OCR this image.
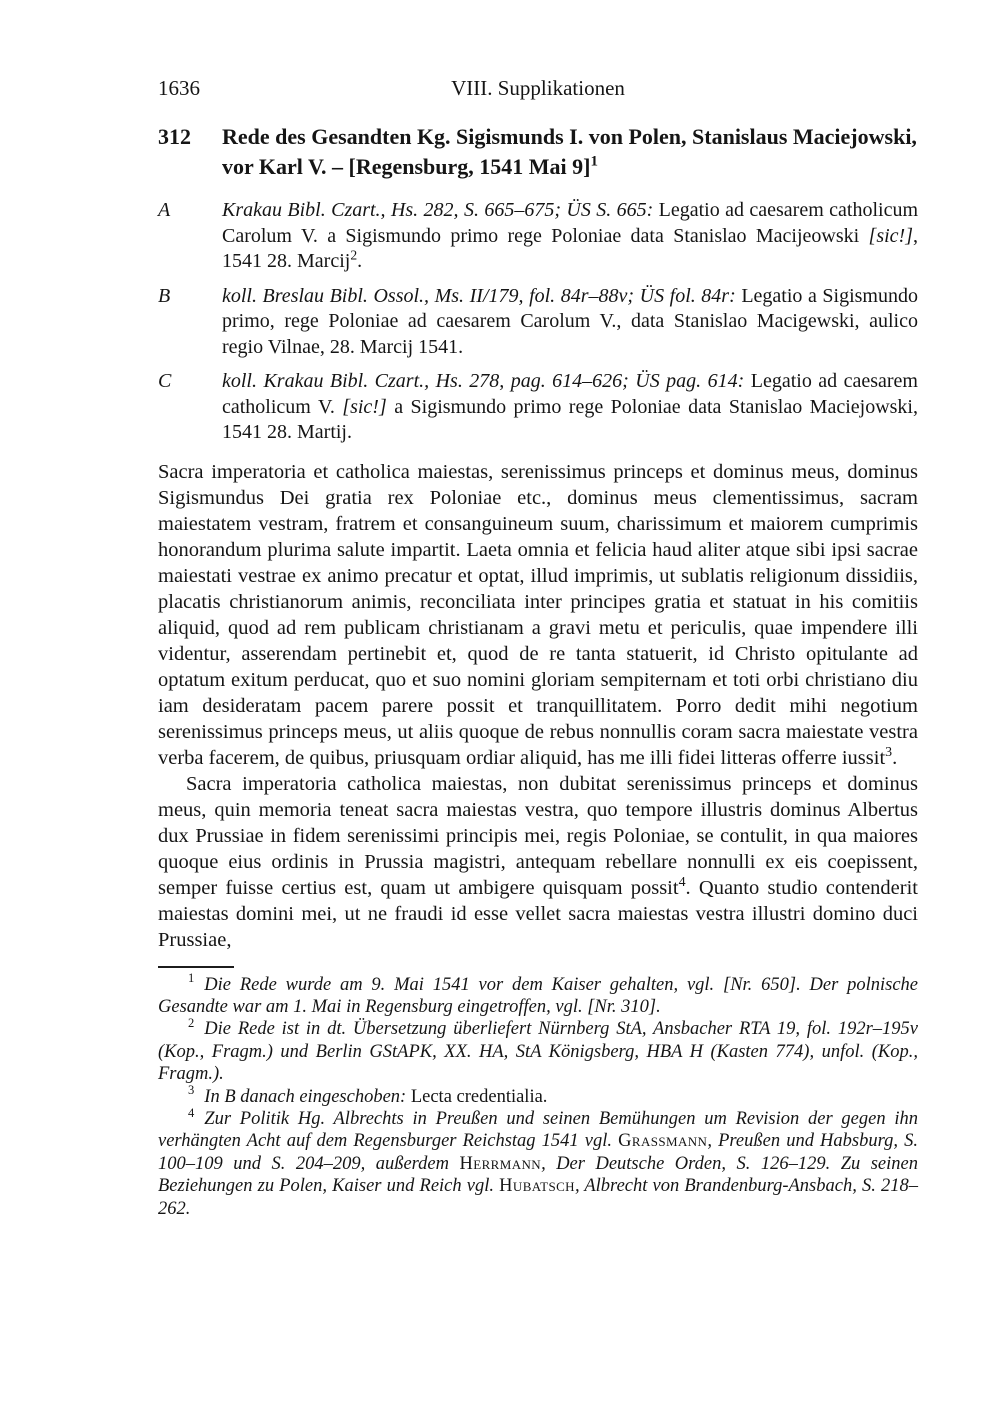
1636	VIII. Supplikationen
312	Rede des Gesandten Kg. Sigismunds I. von Polen, Stanislaus Maciejowski, vor Karl V. – [Regensburg, 1541 Mai 9]$^1$
A	Krakau Bibl. Czart., Hs. 282, S. 665–675; ÜS S. 665: Legatio ad caesarem catholicum Carolum V. a Sigismundo primo rege Poloniae data Stanislao Macijeowski [sic!], 1541 28. Marcij$^2$.
B	koll. Breslau Bibl. Ossol., Ms. II/179, fol. 84r–88v; ÜS fol. 84r: Legatio a Sigismundo primo, rege Poloniae ad caesarem Carolum V., data Stanislao Macigewski, aulico regio Vilnae, 28. Marcij 1541.
C	koll. Krakau Bibl. Czart., Hs. 278, pag. 614–626; ÜS pag. 614: Legatio ad caesarem catholicum V. [sic!] a Sigismundo primo rege Poloniae data Stanislao Maciejowski, 1541 28. Martij.

Sacra imperatoria et catholica maiestas, serenissimus princeps et dominus meus, dominus Sigismundus Dei gratia rex Poloniae etc., dominus meus clementissimus, sacram maiestatem vestram, fratrem et consanguineum suum, charissimum et maiorem cumprimis honorandum plurima salute impartit. Laeta omnia et felicia haud aliter atque sibi ipsi sacrae maiestati vestrae ex animo precatur et optat, illud imprimis, ut sublatis religionum dissidiis, placatis christianorum animis, reconciliata inter principes gratia et statuat in his comitiis aliquid, quod ad rem publicam christianam a gravi metu et periculis, quae impendere illi videntur, asserendam pertinebit et, quod de re tanta statuerit, id Christo opitulante ad optatum exitum perducat, quo et suo nomini gloriam sempiternam et toti orbi christiano diu iam desideratam pacem parere possit et tranquillitatem. Porro dedit mihi negotium serenissimus princeps meus, ut aliis quoque de rebus nonnullis coram sacra maiestate vestra verba facerem, de quibus, priusquam ordiar aliquid, has me illi fidei litteras offerre iussit$^3$.

Sacra imperatoria catholica maiestas, non dubitat serenissimus princeps et dominus meus, quin memoria teneat sacra maiestas vestra, quo tempore illustris dominus Albertus dux Prussiae in fidem serenissimi principis mei, regis Poloniae, se contulit, in qua maiores quoque eius ordinis in Prussia magistri, antequam rebellare nonnulli ex eis coepissent, semper fuisse certius est, quam ut ambigere quisquam possit$^4$. Quanto studio contenderit maiestas domini mei, ut ne fraudi id esse vellet sacra maiestas vestra illustri domino duci Prussiae,

$^1$ Die Rede wurde am 9. Mai 1541 vor dem Kaiser gehalten, vgl. [Nr. 650]. Der polnische Gesandte war am 1. Mai in Regensburg eingetroffen, vgl. [Nr. 310].

$^2$ Die Rede ist in dt. Übersetzung überliefert Nürnberg StA, Ansbacher RTA 19, fol. 192r–195v (Kop., Fragm.) und Berlin GStAPK, XX. HA, StA Königsberg, HBA H (Kasten 774), unfol. (Kop., Fragm.).

$^3$ In B danach eingeschoben: Lecta credentialia.

$^4$ Zur Politik Hg. Albrechts in Preußen und seinen Bemühungen um Revision der gegen ihn verhängten Acht auf dem Regensburger Reichstag 1541 vgl. Grassmann, Preußen und Habsburg, S. 100–109 und S. 204–209, außerdem Herrmann, Der Deutsche Orden, S. 126–129. Zu seinen Beziehungen zu Polen, Kaiser und Reich vgl. Hubatsch, Albrecht von Brandenburg-Ansbach, S. 218–262.
